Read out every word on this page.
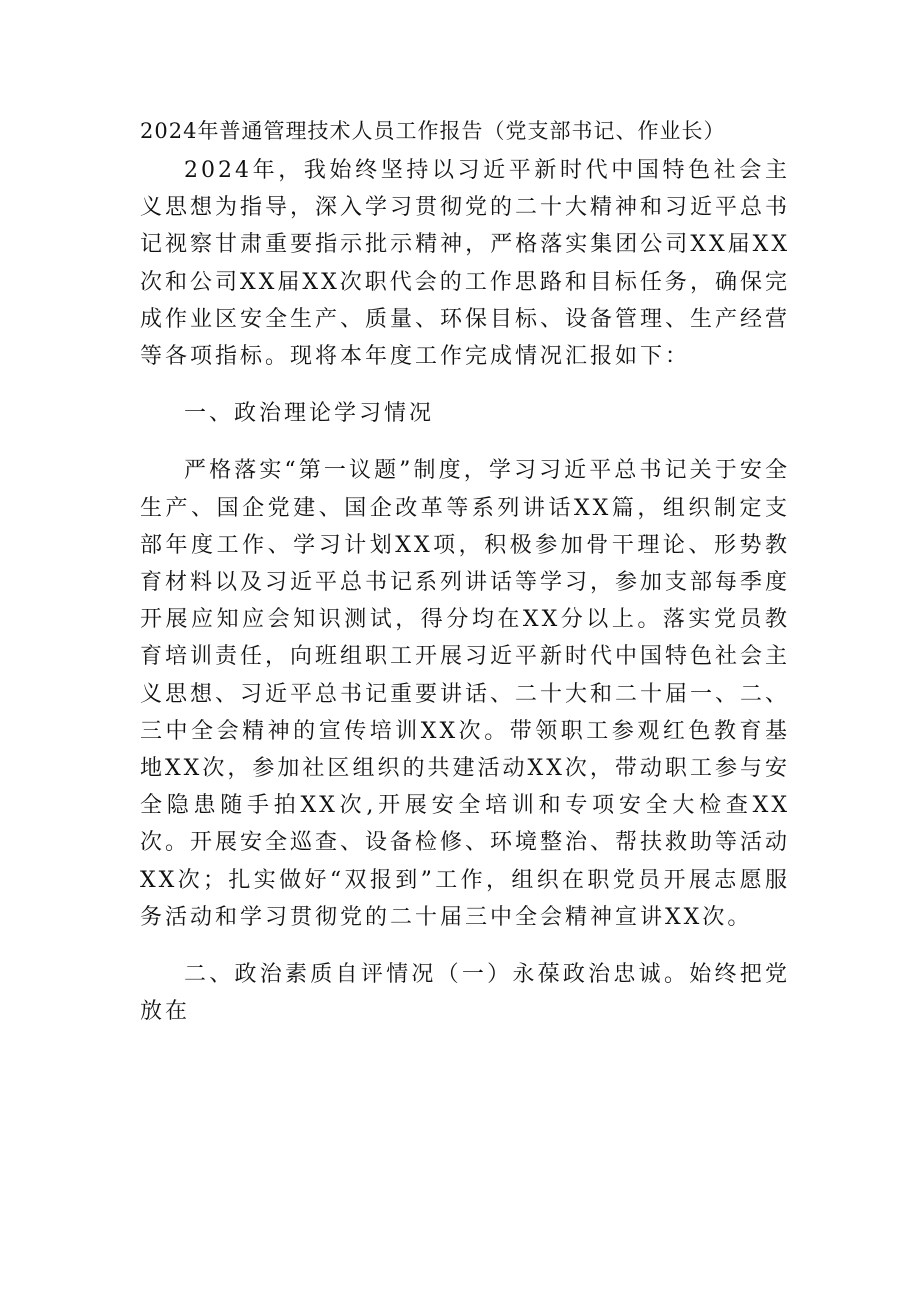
2024年普通管理技术人员工作报告（党支部书记、作业长）

2024年，我始终坚持以习近平新时代中国特色社会主义思想为指导，深入学习贯彻党的二十大精神和习近平总书记视察甘肃重要指示批示精神，严格落实集团公司XX届XX次和公司XX届XX次职代会的工作思路和目标任务，确保完成作业区安全生产、质量、环保目标、设备管理、生产经营等各项指标。现将本年度工作完成情况汇报如下：

一、政治理论学习情况

严格落实“第一议题”制度，学习习近平总书记关于安全生产、国企党建、国企改革等系列讲话XX篇，组织制定支部年度工作、学习计划XX项，积极参加骨干理论、形势教育材料以及习近平总书记系列讲话等学习，参加支部每季度开展应知应会知识测试，得分均在XX分以上。落实党员教育培训责任，向班组职工开展习近平新时代中国特色社会主义思想、习近平总书记重要讲话、二十大和二十届一、二、三中全会精神的宣传培训XX次。带领职工参观红色教育基地XX次，参加社区组织的共建活动XX次，带动职工参与安全隐患随手拍XX次,开展安全培训和专项安全大检查XX次。开展安全巡查、设备检修、环境整治、帮扶救助等活动XX次；扎实做好“双报到”工作，组织在职党员开展志愿服务活动和学习贯彻党的二十届三中全会精神宣讲XX次。

二、政治素质自评情况（一）永葆政治忠诚。始终把党放在
